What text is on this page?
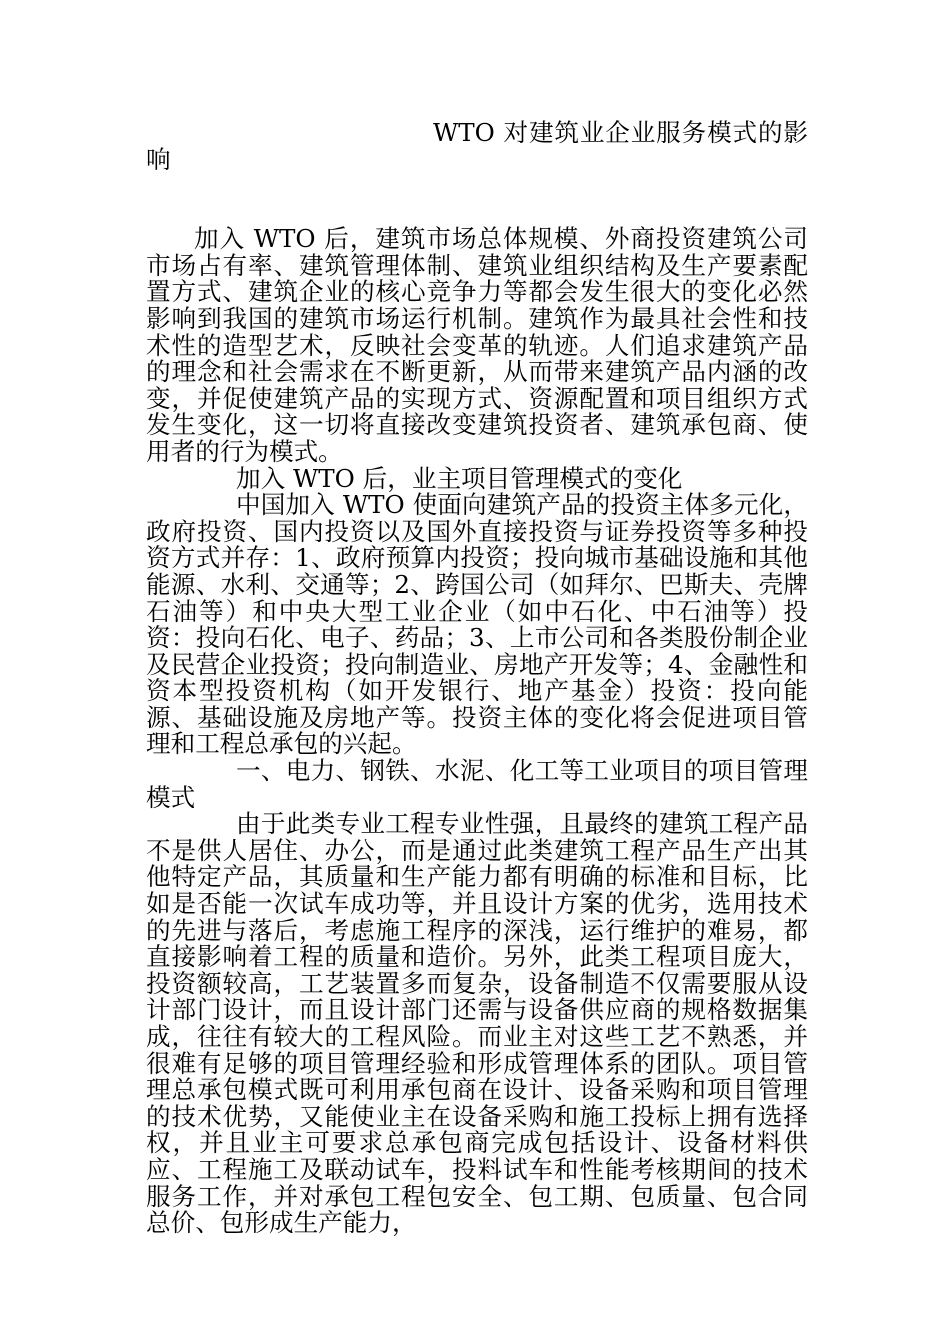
WTO 对建筑业企业服务模式的影响

加入 WTO 后，建筑市场总体规模、外商投资建筑公司市场占有率、建筑管理体制、建筑业组织结构及生产要素配置方式、建筑企业的核心竞争力等都会发生很大的变化必然影响到我国的建筑市场运行机制。建筑作为最具社会性和技术性的造型艺术，反映社会变革的轨迹。人们追求建筑产品的理念和社会需求在不断更新，从而带来建筑产品内涵的改变，并促使建筑产品的实现方式、资源配置和项目组织方式发生变化，这一切将直接改变建筑投资者、建筑承包商、使用者的行为模式。

加入 WTO 后，业主项目管理模式的变化

中国加入 WTO 使面向建筑产品的投资主体多元化，政府投资、国内投资以及国外直接投资与证券投资等多种投资方式并存：1、政府预算内投资；投向城市基础设施和其他能源、水利、交通等；2、跨国公司（如拜尔、巴斯夫、壳牌石油等）和中央大型工业企业（如中石化、中石油等）投资：投向石化、电子、药品；3、上市公司和各类股份制企业及民营企业投资；投向制造业、房地产开发等；4、金融性和资本型投资机构（如开发银行、地产基金）投资：投向能源、基础设施及房地产等。投资主体的变化将会促进项目管理和工程总承包的兴起。

一、电力、钢铁、水泥、化工等工业项目的项目管理模式

由于此类专业工程专业性强，且最终的建筑工程产品不是供人居住、办公，而是通过此类建筑工程产品生产出其他特定产品，其质量和生产能力都有明确的标准和目标，比如是否能一次试车成功等，并且设计方案的优劣，选用技术的先进与落后，考虑施工程序的深浅，运行维护的难易，都直接影响着工程的质量和造价。另外，此类工程项目庞大，投资额较高，工艺装置多而复杂，设备制造不仅需要服从设计部门设计，而且设计部门还需与设备供应商的规格数据集成，往往有较大的工程风险。而业主对这些工艺不熟悉，并很难有足够的项目管理经验和形成管理体系的团队。项目管理总承包模式既可利用承包商在设计、设备采购和项目管理的技术优势，又能使业主在设备采购和施工投标上拥有选择权，并且业主可要求总承包商完成包括设计、设备材料供应、工程施工及联动试车，投料试车和性能考核期间的技术服务工作，并对承包工程包安全、包工期、包质量、包合同总价、包形成生产能力，
